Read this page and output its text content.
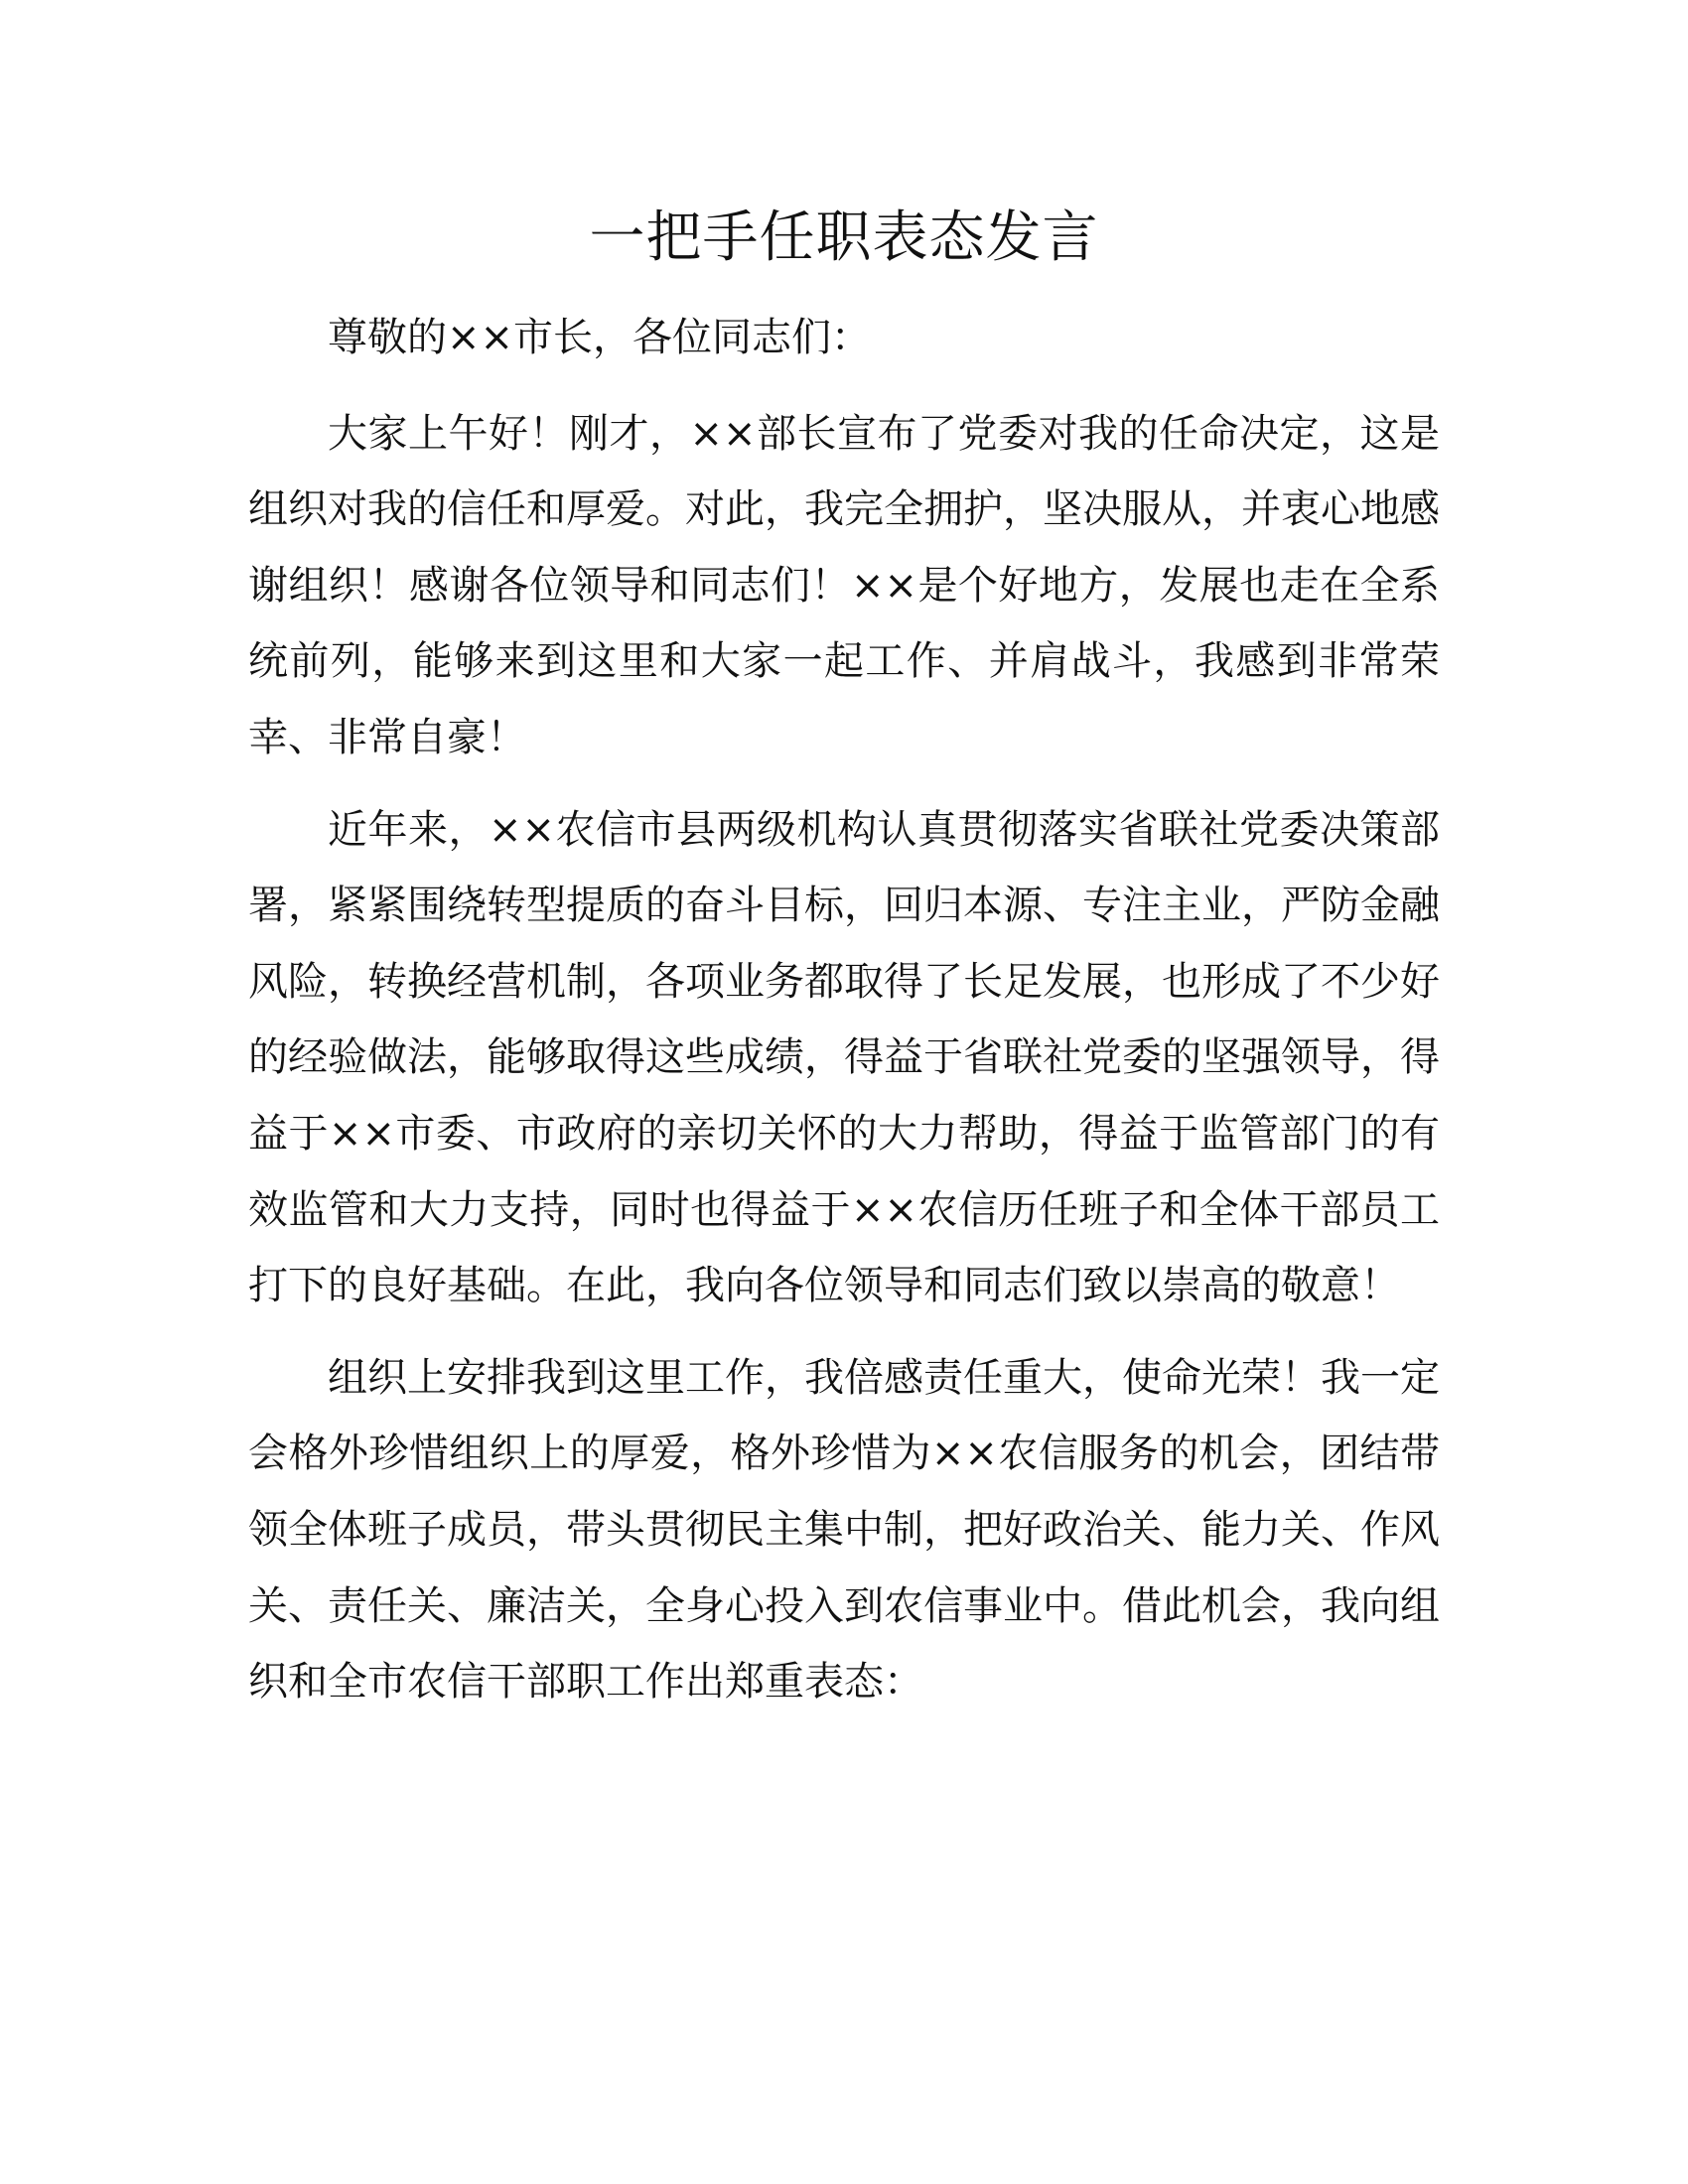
一把手任职表态发言

尊敬的××市长，各位同志们：

大家上午好！刚才，××部长宣布了党委对我的任命决定，这是组织对我的信任和厚爱。对此，我完全拥护，坚决服从，并衷心地感谢组织！感谢各位领导和同志们！××是个好地方，发展也走在全系统前列，能够来到这里和大家一起工作、并肩战斗，我感到非常荣幸、非常自豪！

近年来，××农信市县两级机构认真贯彻落实省联社党委决策部署，紧紧围绕转型提质的奋斗目标，回归本源、专注主业，严防金融风险，转换经营机制，各项业务都取得了长足发展，也形成了不少好的经验做法，能够取得这些成绩，得益于省联社党委的坚强领导，得益于××市委、市政府的亲切关怀的大力帮助，得益于监管部门的有效监管和大力支持，同时也得益于××农信历任班子和全体干部员工打下的良好基础。在此，我向各位领导和同志们致以崇高的敬意！

组织上安排我到这里工作，我倍感责任重大，使命光荣！我一定会格外珍惜组织上的厚爱，格外珍惜为××农信服务的机会，团结带领全体班子成员，带头贯彻民主集中制，把好政治关、能力关、作风关、责任关、廉洁关，全身心投入到农信事业中。借此机会，我向组织和全市农信干部职工作出郑重表态：
